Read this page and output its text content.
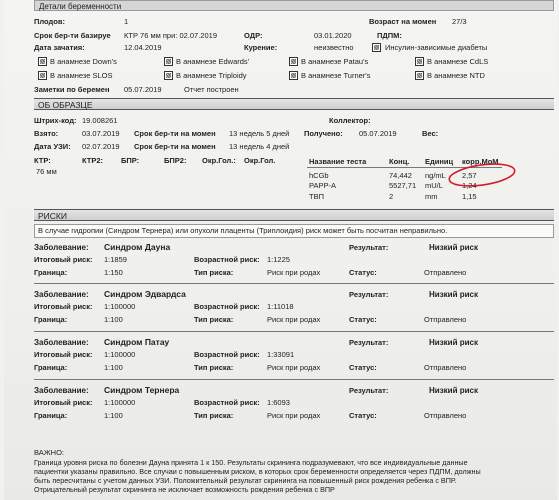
Детали беременности
Плодов:	1	Возраст на момен 27/3
Срок бер-ти базируе КТР 76 мм при: 02.07.2019	ОДР:	03.01.2020	ПДПМ:
Дата зачатия:	12.04.2019	Курение:	неизвестно	Инсулин-зависимые диабеты
В анамнезе Down's	В анамнезе Edwards'	В анамнезе Patau's	В анамнезе CdLS
В анамнезе SLOS	В анамнезе Triploidy	В анамнезе Turner's	В анамнезе NTD
Заметки по беремен 05.07.2019	Отчет построен
ОБ ОБРАЗЦЕ
Штрих-код: 19.008261	Коллектор:
Взято:	03.07.2019 Срок бер-ти на момен 13 недель 5 дней Получено: 05.07.2019	Вес:
Дата УЗИ: 02.07.2019 Срок бер-ти на момен 13 недель 4 дней
КТР:	КТР2: БПР:	БПР2: Окр.Гол.: Окр.Гол.
76 мм
Название теста	Конц. Единиц корр.МоМ
hCGb	74,442 ng/mL 2,57
PAPP-A	5527,71 mU/L	1,24
ТВП	2	mm	1,15
РИСКИ
В случае гидропии (Синдром Тернера) или опухоли плаценты (Триплоидия) риск может быть посчитан неправильно.
Заболевание: Синдром Дауна	Результат:	Низкий риск
Итоговый риск: 1:1859	Возрастной риск: 1:1225
Граница:	1:150	Тип риска:	Риск при родах	Статус:	Отправлено
Заболевание: Синдром Эдвардса	Результат:	Низкий риск
Итоговый риск: 1:100000	Возрастной риск: 1:11018
Граница:	1:100	Тип риска:	Риск при родах	Статус:	Отправлено
Заболевание: Синдром Патау	Результат:	Низкий риск
Итоговый риск: 1:100000	Возрастной риск: 1:33091
Граница:	1:100	Тип риска:	Риск при родах	Статус:	Отправлено
Заболевание: Синдром Тернера	Результат:	Низкий риск
Итоговый риск: 1:100000	Возрастной риск: 1:6093
Граница:	1:100	Тип риска:	Риск при родах	Статус:	Отправлено
ВАЖНО:
Граница уровня риска по болезни Дауна принята 1 к 150. Результаты скрининга подразумевают, что все индивидуальные данные
пациентки указаны правильно. Все случаи с повышенным риском, в которых срок беременности определяется через ПДПМ, должны
быть пересчитаны с учетом данных УЗИ. Положительный результат скрининга на повышенный риск рождения ребенка с ВПР.
Отрицательный результат скрининга не исключает возможность рождения ребенка с ВПР
